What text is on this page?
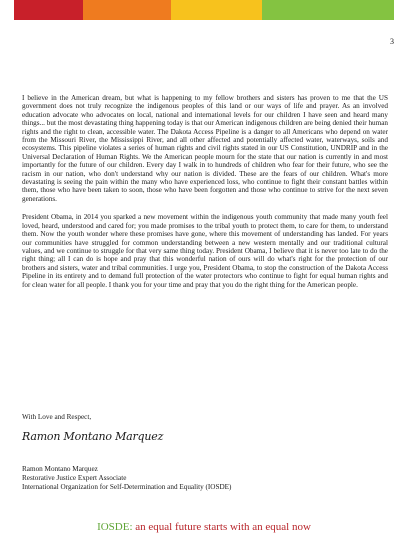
3

I believe in the American dream, but what is happening to my fellow brothers and sisters has proven to me that the US government does not truly recognize the indigenous peoples of this land or our ways of life and prayer. As an involved education advocate who advocates on local, national and international levels for our children I have seen and heard many things... but the most devastating thing happening today is that our American indigenous children are being denied their human rights and the right to clean, accessible water. The Dakota Access Pipeline is a danger to all Americans who depend on water from the Missouri River, the Mississippi River, and all other affected and potentially affected water, waterways, soils and ecosystems. This pipeline violates a series of human rights and civil rights stated in our US Constitution, UNDRIP and in the Universal Declaration of Human Rights. We the American people mourn for the state that our nation is currently in and most importantly for the future of our children. Every day I walk in to hundreds of children who fear for their future, who see the racism in our nation, who don't understand why our nation is divided. These are the fears of our children. What's more devastating is seeing the pain within the many who have experienced loss, who continue to fight their constant battles within them, those who have been taken to soon, those who have been forgotten and those who continue to strive for the next seven generations.

President Obama, in 2014 you sparked a new movement within the indigenous youth community that made many youth feel loved, heard, understood and cared for; you made promises to the tribal youth to protect them, to care for them, to understand them. Now the youth wonder where these promises have gone, where this movement of understanding has landed. For years our communities have struggled for common understanding between a new western mentally and our traditional cultural values, and we continue to struggle for that very same thing today. President Obama, I believe that it is never too late to do the right thing; all I can do is hope and pray that this wonderful nation of ours will do what's right for the protection of our brothers and sisters, water and tribal communities. I urge you, President Obama, to stop the construction of the Dakota Access Pipeline in its entirety and to demand full protection of the water protectors who continue to fight for equal human rights and for clean water for all people. I thank you for your time and pray that you do the right thing for the American people.

With Love and Respect,
Ramon Montano Marquez
Ramon Montano Marquez
Restorative Justice Expert Associate
International Organization for Self-Determination and Equality (IOSDE)
IOSDE: an equal future starts with an equal now
